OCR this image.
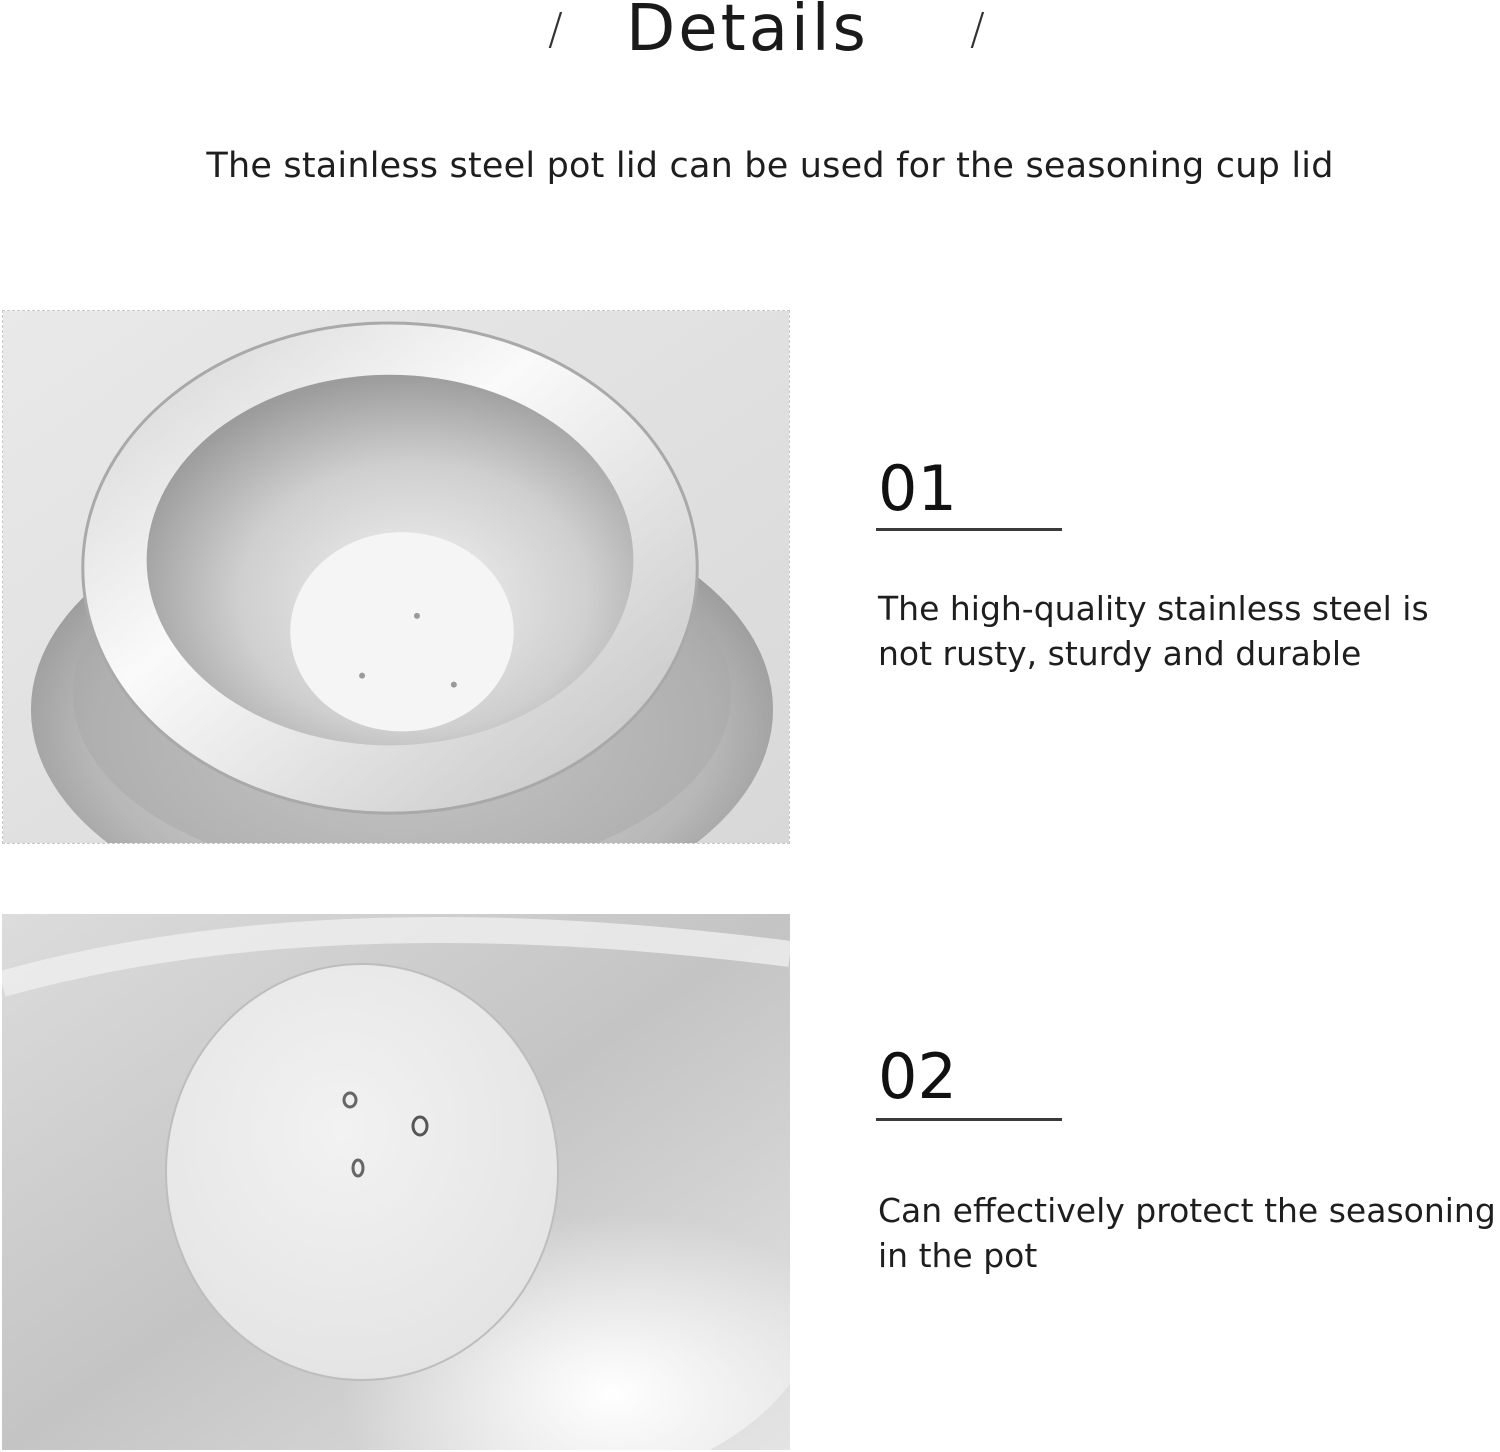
/ Details /
The stainless steel pot lid can be used for the seasoning cup lid
01
The high-quality stainless steel is
not rusty, sturdy and durable
02
Can effectively protect the seasoning
in the pot
